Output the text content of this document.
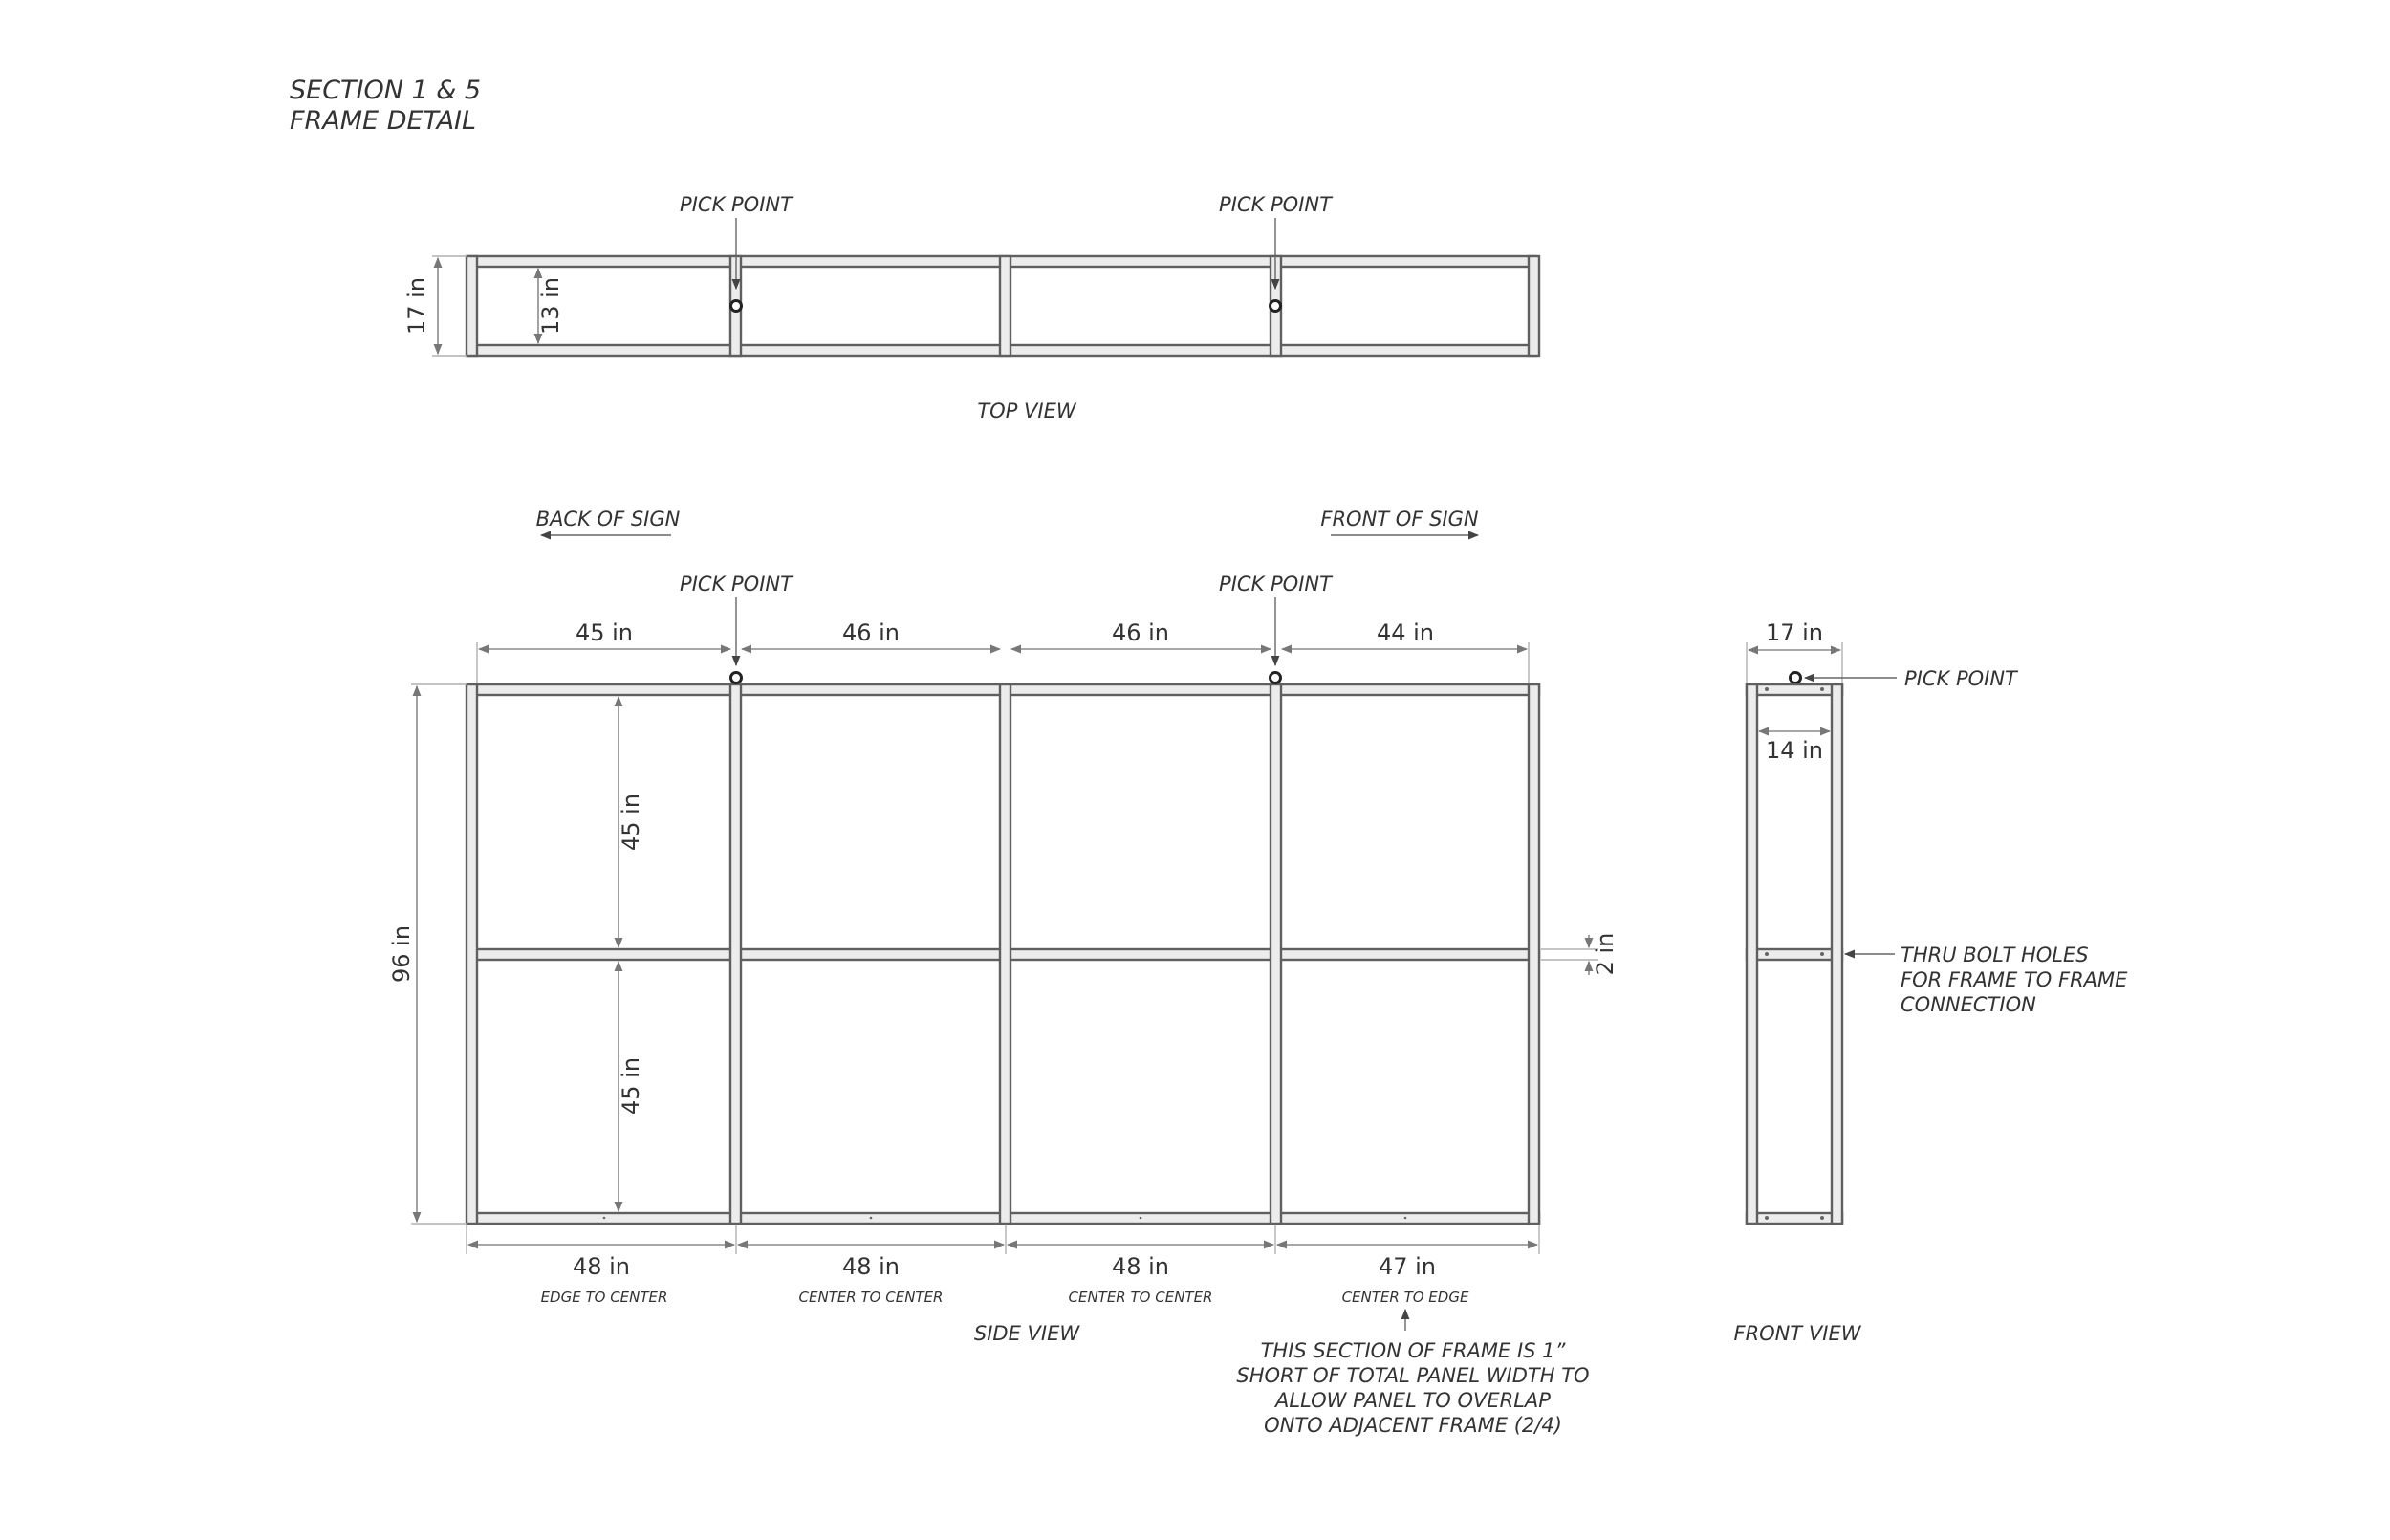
SECTION 1 & 5
FRAME DETAIL
PICK POINT	PICK POINT
17 in	13 in
TOP VIEW
BACK OF SIGN	FRONT OF SIGN
PICK POINT	PICK POINT
45 in	46 in	46 in	44 in
96 in
45 in
45 in
2 in
48 in	48 in	48 in	47 in
EDGE TO CENTER	CENTER TO CENTER	CENTER TO CENTER	CENTER TO EDGE
THIS SECTION OF FRAME IS 1”
SHORT OF TOTAL PANEL WIDTH TO
ALLOW PANEL TO OVERLAP
ONTO ADJACENT FRAME (2/4)
SIDE VIEW
17 in
PICK POINT
14 in
THRU BOLT HOLES
FOR FRAME TO FRAME
CONNECTION
FRONT VIEW
